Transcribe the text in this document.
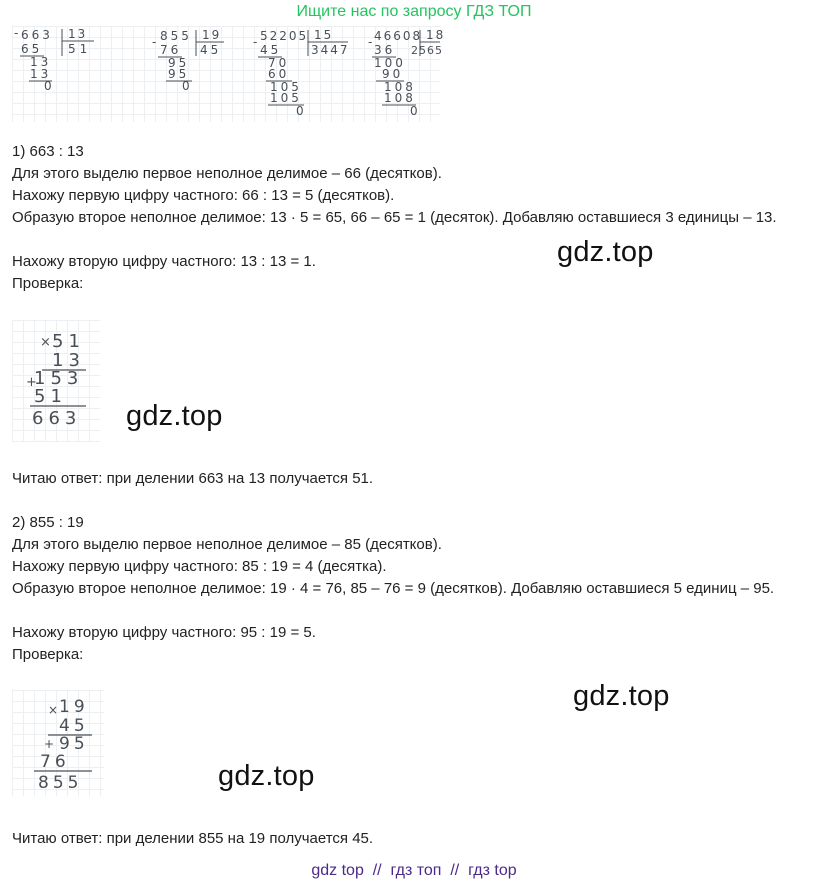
Ищите нас по запросу ГДЗ ТОП
- 663 13
51
65
13
13
0
- 855 19
45
76
95
95
0
- 52205 15
3447
45
70
60
105
105
0
- 46608 18
2565
36
100
90
108
108
0
1) 663 : 13
Для этого выделю первое неполное делимое – 66 (десятков).
Нахожу первую цифру частного: 66 : 13 = 5 (десятков).
Образую второе неполное делимое: 13 · 5 = 65, 66 – 65 = 1 (десяток). Добавляю оставшиеся 3 единицы – 13.
Нахожу вторую цифру частного: 13 : 13 = 1.
Проверка:
gdz.top
× 51
13
+
153
51
663 gdz.top
Читаю ответ: при делении 663 на 13 получается 51.
2) 855 : 19
Для этого выделю первое неполное делимое – 85 (десятков).
Нахожу первую цифру частного: 85 : 19 = 4 (десятка).
Образую второе неполное делимое: 19 · 4 = 76, 85 – 76 = 9 (десятков). Добавляю оставшиеся 5 единиц – 95.
Нахожу вторую цифру частного: 95 : 19 = 5.
Проверка:
gdz.top
× 19
45
+ 95
76
855	gdz.top
Читаю ответ: при делении 855 на 19 получается 45.
gdz top // гдз топ // гдз top
